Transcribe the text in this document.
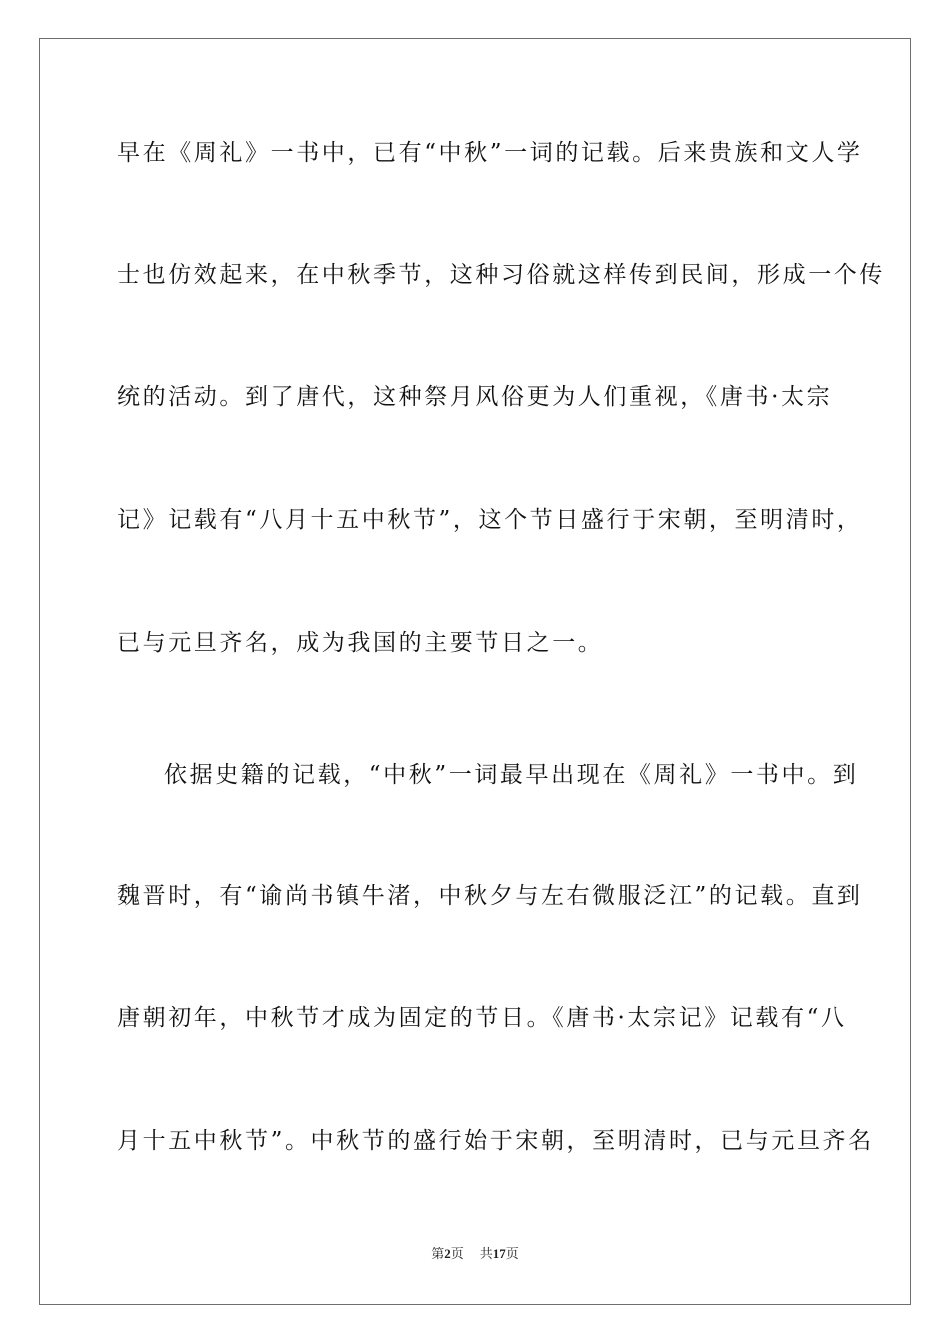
早在《周礼》一书中，已有“中秋”一词的记载。后来贵族和文人学
士也仿效起来，在中秋季节，这种习俗就这样传到民间，形成一个传
统的活动。到了唐代，这种祭月风俗更为人们重视，《唐书·太宗
记》记载有“八月十五中秋节”，这个节日盛行于宋朝，至明清时，
已与元旦齐名，成为我国的主要节日之一。
依据史籍的记载，“中秋”一词最早出现在《周礼》一书中。到
魏晋时，有“谕尚书镇牛渚，中秋夕与左右微服泛江”的记载。直到
唐朝初年，中秋节才成为固定的节日。《唐书·太宗记》记载有“八
月十五中秋节”。中秋节的盛行始于宋朝，至明清时，已与元旦齐名
第2页 共17页
